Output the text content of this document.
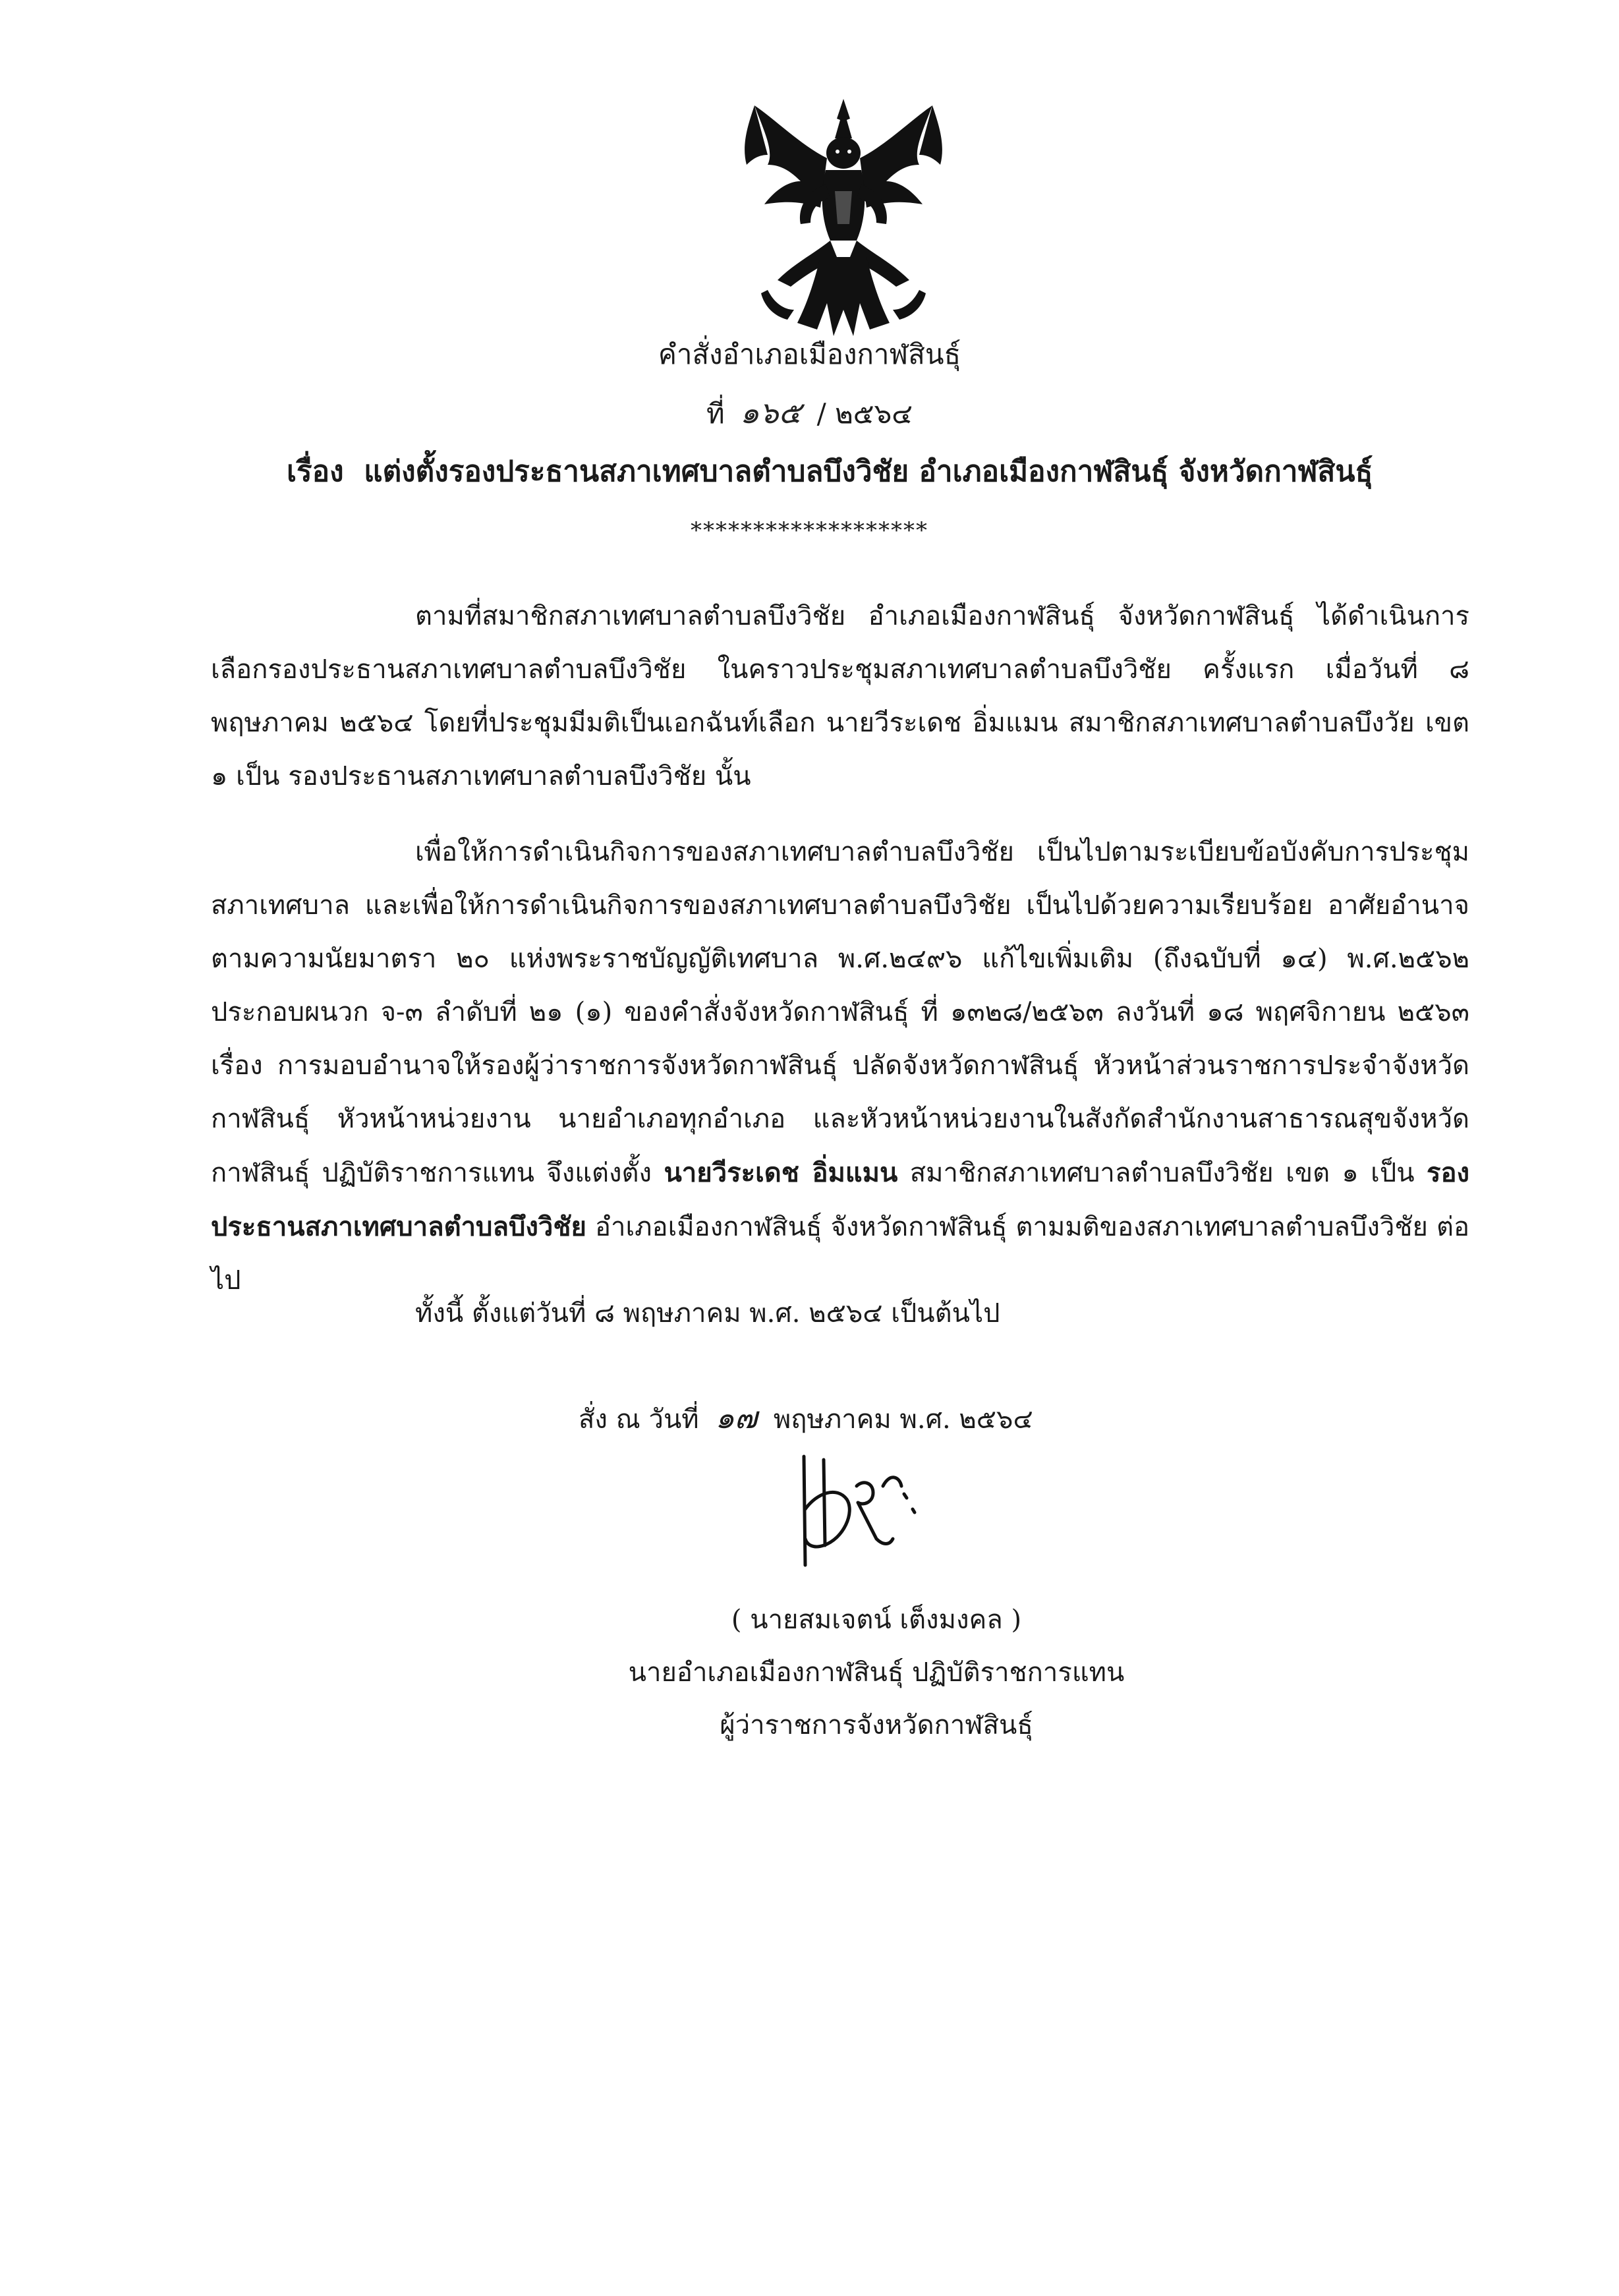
คำสั่งอำเภอเมืองกาฬสินธุ์
ที่ ๑๖๕ / ๒๕๖๔
เรื่อง แต่งตั้งรองประธานสภาเทศบาลตำบลบึงวิชัย อำเภอเมืองกาฬสินธุ์ จังหวัดกาฬสินธุ์
*******************
ตามที่สมาชิกสภาเทศบาลตำบลบึงวิชัย อำเภอเมืองกาฬสินธุ์ จังหวัดกาฬสินธุ์ ได้ดำเนินการเลือกรองประธานสภาเทศบาลตำบลบึงวิชัย ในคราวประชุมสภาเทศบาลตำบลบึงวิชัย ครั้งแรก เมื่อวันที่ ๘ พฤษภาคม ๒๕๖๔ โดยที่ประชุมมีมติเป็นเอกฉันท์เลือก นายวีระเดช อิ่มแมน สมาชิกสภาเทศบาลตำบลบึงวัย เขต ๑ เป็น รองประธานสภาเทศบาลตำบลบึงวิชัย นั้น
เพื่อให้การดำเนินกิจการของสภาเทศบาลตำบลบึงวิชัย เป็นไปตามระเบียบข้อบังคับการประชุมสภาเทศบาล และเพื่อให้การดำเนินกิจการของสภาเทศบาลตำบลบึงวิชัย เป็นไปด้วยความเรียบร้อย อาศัยอำนาจตามความนัยมาตรา ๒๐ แห่งพระราชบัญญัติเทศบาล พ.ศ.๒๔๙๖ แก้ไขเพิ่มเติม (ถึงฉบับที่ ๑๔) พ.ศ.๒๕๖๒ ประกอบผนวก จ-๓ ลำดับที่ ๒๑ (๑) ของคำสั่งจังหวัดกาฬสินธุ์ ที่ ๑๓๒๘/๒๕๖๓ ลงวันที่ ๑๘ พฤศจิกายน ๒๕๖๓ เรื่อง การมอบอำนาจให้รองผู้ว่าราชการจังหวัดกาฬสินธุ์ ปลัดจังหวัดกาฬสินธุ์ หัวหน้าส่วนราชการประจำจังหวัดกาฬสินธุ์ หัวหน้าหน่วยงาน นายอำเภอทุกอำเภอ และหัวหน้าหน่วยงานในสังกัดสำนักงานสาธารณสุขจังหวัดกาฬสินธุ์ ปฏิบัติราชการแทน จึงแต่งตั้ง นายวีระเดช อิ่มแมน สมาชิกสภาเทศบาลตำบลบึงวิชัย เขต ๑ เป็น รองประธานสภาเทศบาลตำบลบึงวิชัย อำเภอเมืองกาฬสินธุ์ จังหวัดกาฬสินธุ์ ตามมติของสภาเทศบาลตำบลบึงวิชัย ต่อไป
ทั้งนี้ ตั้งแต่วันที่ ๘ พฤษภาคม พ.ศ. ๒๕๖๔ เป็นต้นไป
สั่ง ณ วันที่ ๑๗ พฤษภาคม พ.ศ. ๒๕๖๔
( นายสมเจตน์ เต็งมงคล )
นายอำเภอเมืองกาฬสินธุ์ ปฏิบัติราชการแทน
ผู้ว่าราชการจังหวัดกาฬสินธุ์
